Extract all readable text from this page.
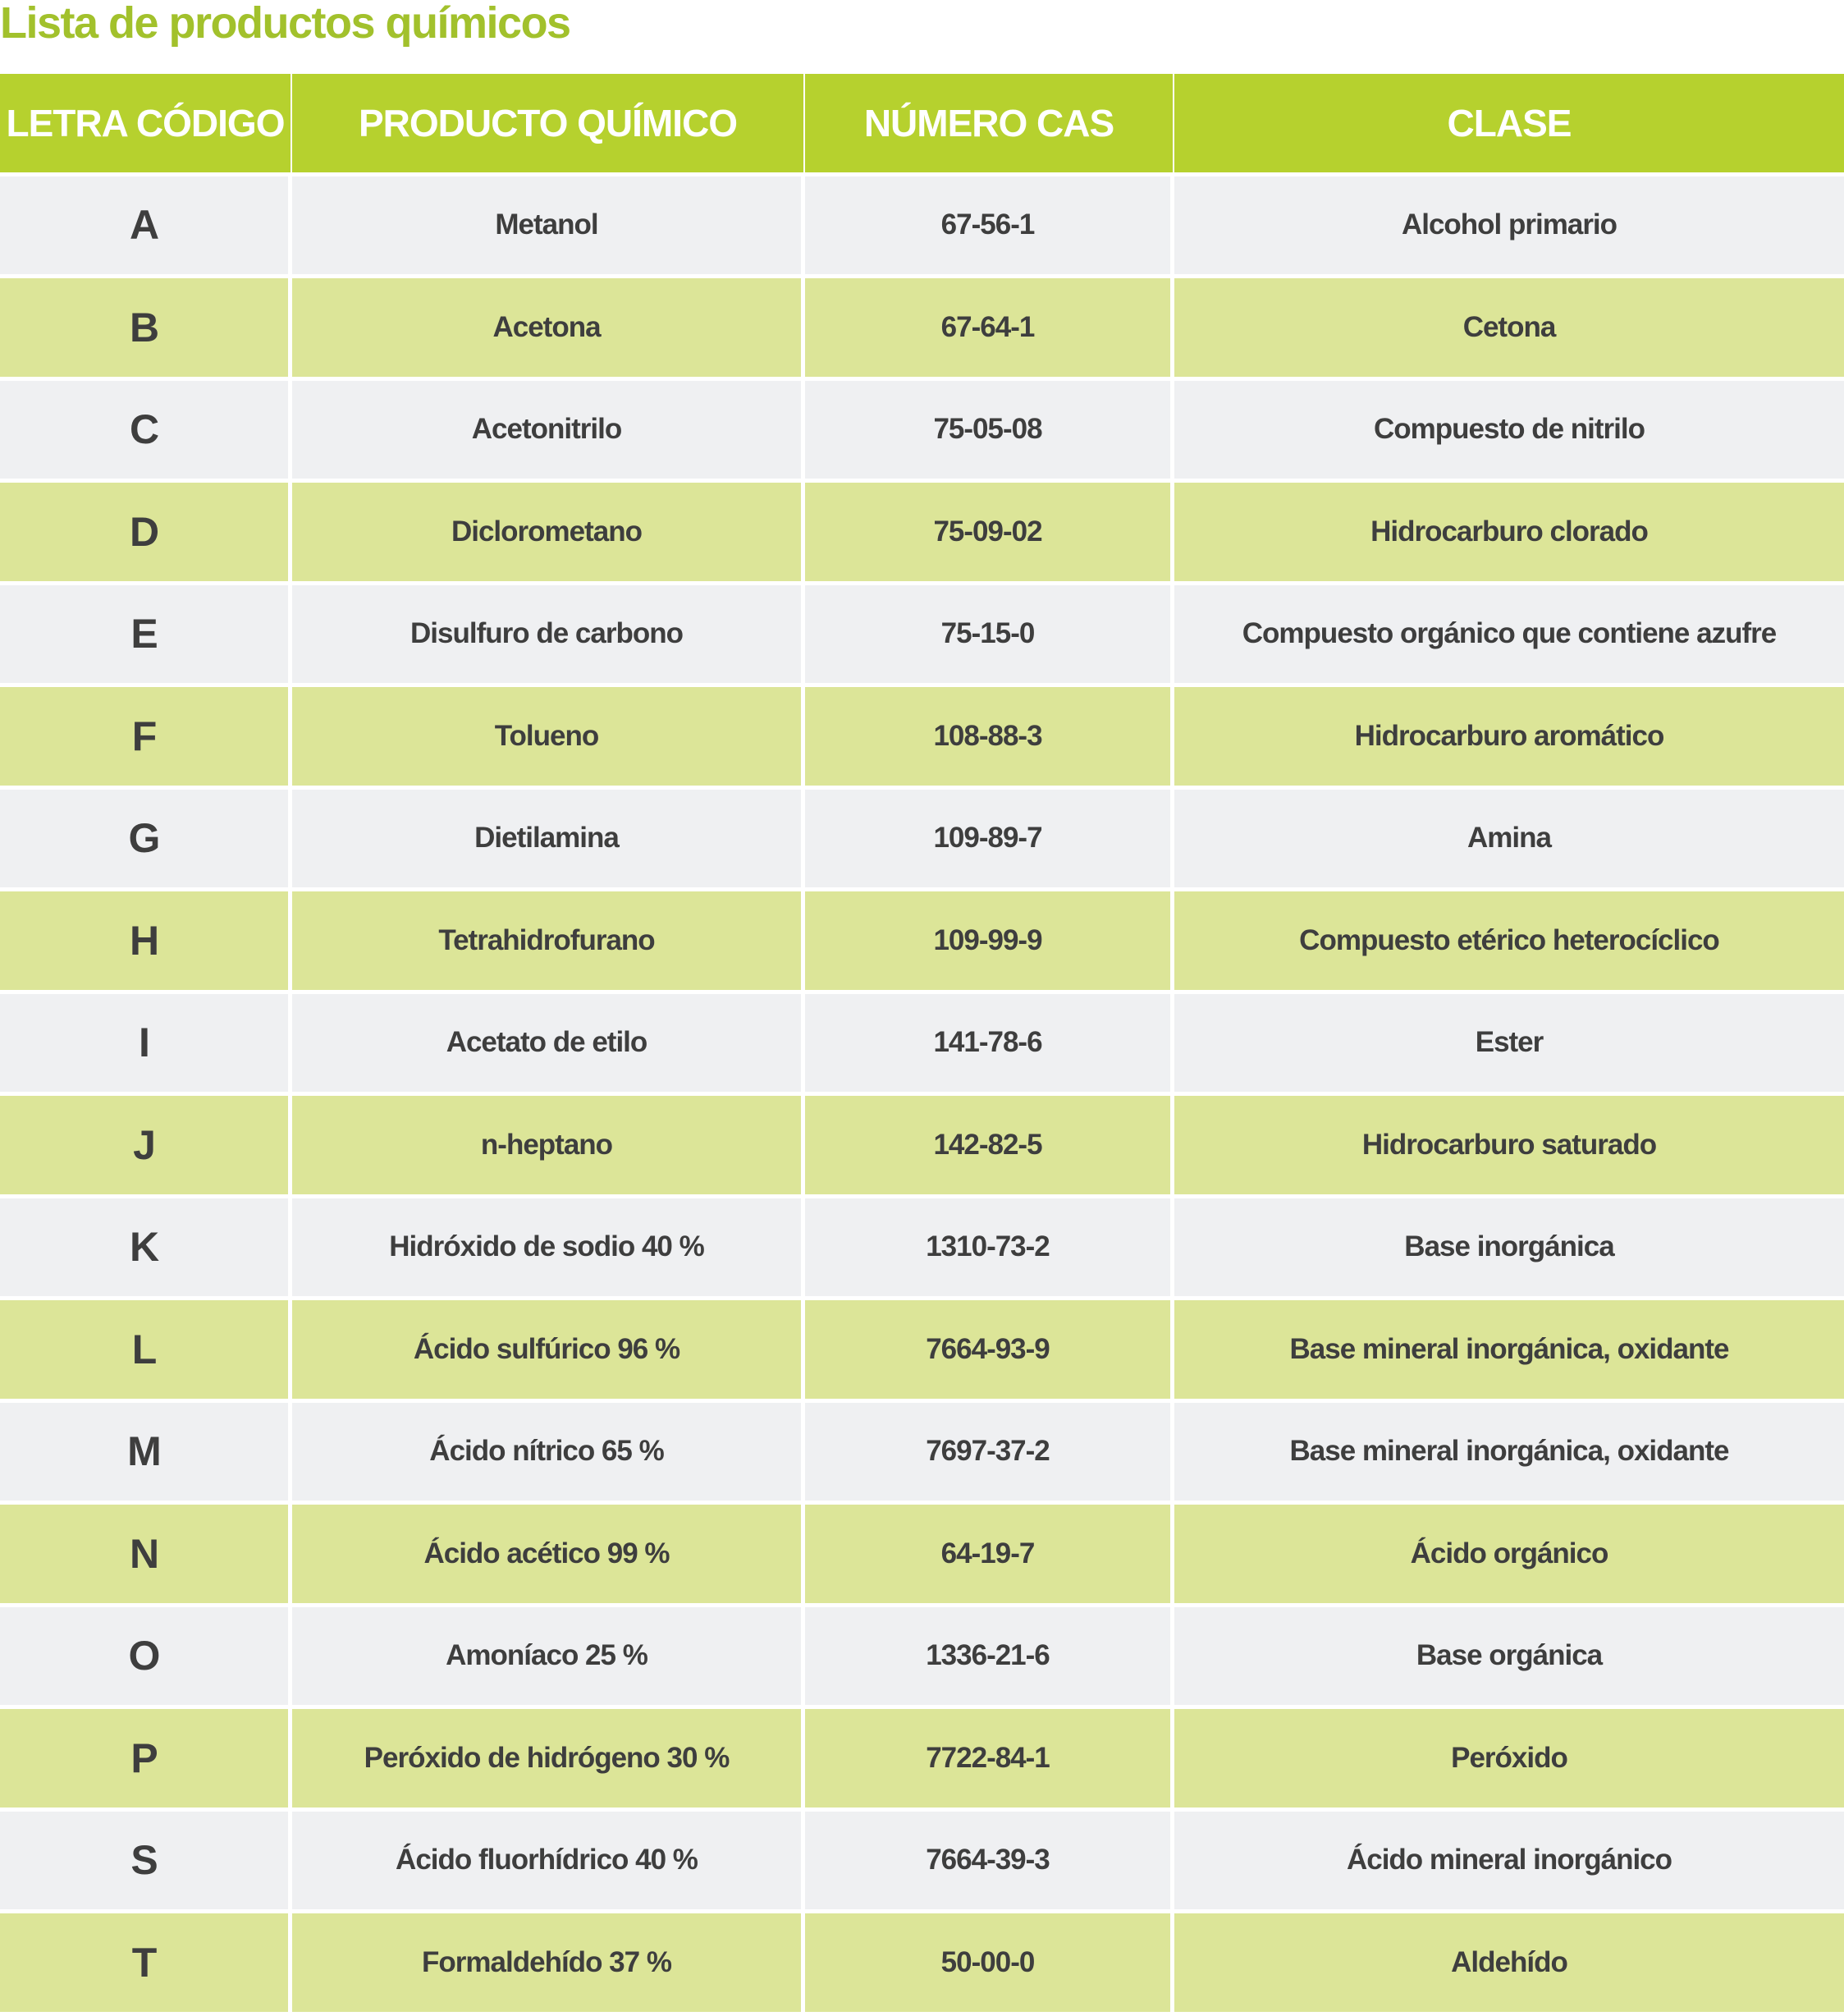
Lista de productos químicos
LETRA CÓDIGO	PRODUCTO QUÍMICO	NÚMERO CAS	CLASE
A	Metanol	67-56-1	Alcohol primario
B	Acetona	67-64-1	Cetona
C	Acetonitrilo	75-05-08	Compuesto de nitrilo
D	Diclorometano	75-09-02	Hidrocarburo clorado
E	Disulfuro de carbono	75-15-0	Compuesto orgánico que contiene azufre
F	Tolueno	108-88-3	Hidrocarburo aromático
G	Dietilamina	109-89-7	Amina
H	Tetrahidrofurano	109-99-9	Compuesto etérico heterocíclico
I	Acetato de etilo	141-78-6	Ester
J	n-heptano	142-82-5	Hidrocarburo saturado
K	Hidróxido de sodio 40 %	1310-73-2	Base inorgánica
L	Ácido sulfúrico 96 %	7664-93-9	Base mineral inorgánica, oxidante
M	Ácido nítrico 65 %	7697-37-2	Base mineral inorgánica, oxidante
N	Ácido acético 99 %	64-19-7	Ácido orgánico
O	Amoníaco 25 %	1336-21-6	Base orgánica
P	Peróxido de hidrógeno 30 %	7722-84-1	Peróxido
S	Ácido fluorhídrico 40 %	7664-39-3	Ácido mineral inorgánico
T	Formaldehído 37 %	50-00-0	Aldehído
